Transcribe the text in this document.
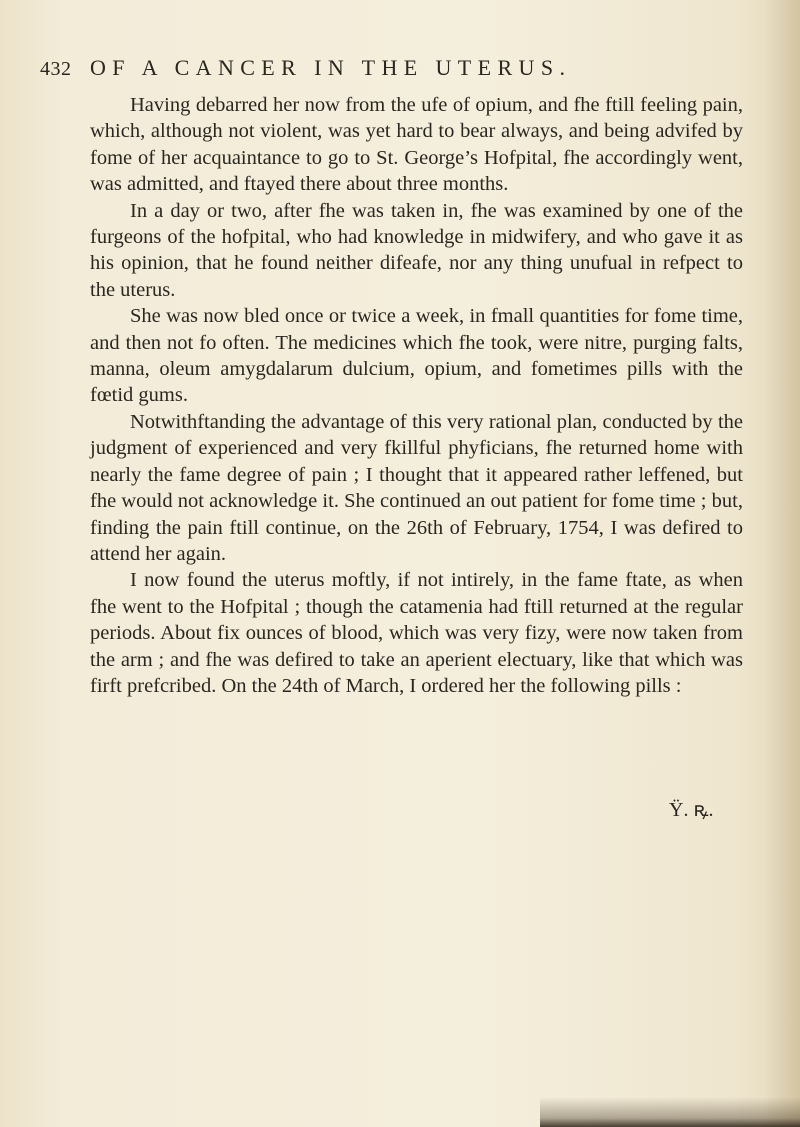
432 OF A CANCER IN THE UTERUS.

Having debarred her now from the ufe of opium, and fhe ftill feeling pain, which, although not violent, was yet hard to bear always, and being advifed by fome of her acquaintance to go to St. George’s Hofpital, fhe accordingly went, was admitted, and ftayed there about three months.

In a day or two, after fhe was taken in, fhe was examined by one of the furgeons of the hofpital, who had knowledge in midwifery, and who gave it as his opinion, that he found neither difeafe, nor any thing unufual in refpect to the uterus.

She was now bled once or twice a week, in fmall quantities for fome time, and then not fo often. The medicines which fhe took, were nitre, purging falts, manna, oleum amygdalarum dulcium, opium, and fometimes pills with the fœtid gums.

Notwithftanding the advantage of this very rational plan, conducted by the judgment of experienced and very fkillful phyficians, fhe returned home with nearly the fame degree of pain ; I thought that it appeared rather leffened, but fhe would not acknowledge it. She continued an out patient for fome time ; but, finding the pain ftill continue, on the 26th of February, 1754, I was defired to attend her again.

I now found the uterus moftly, if not intirely, in the fame ftate, as when fhe went to the Hofpital ; though the catamenia had ftill returned at the regular periods. About fix ounces of blood, which was very fizy, were now taken from the arm ; and fhe was defired to take an aperient electuary, like that which was firft prefcribed. On the 24th of March, I ordered her the following pills :

Ϋ. ꝶ.
